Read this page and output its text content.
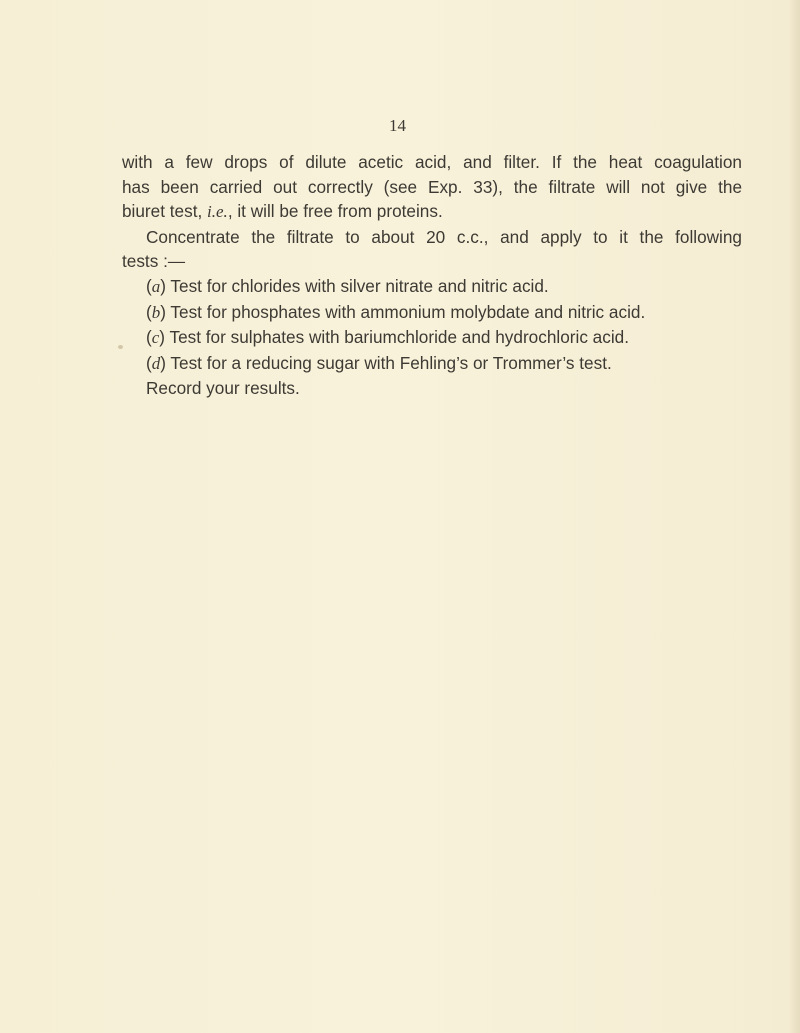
14
with a few drops of dilute acetic acid, and filter. If the heat coagulation
has been carried out correctly (see Exp. 33), the filtrate will not give the
biuret test, i.e., it will be free from proteins.
Concentrate the filtrate to about 20 c.c., and apply to it the following
tests :—
(a) Test for chlorides with silver nitrate and nitric acid.
(b) Test for phosphates with ammonium molybdate and nitric acid.
(c) Test for sulphates with bariumchloride and hydrochloric acid.
(d) Test for a reducing sugar with Fehling’s or Trommer’s test.
Record your results.
